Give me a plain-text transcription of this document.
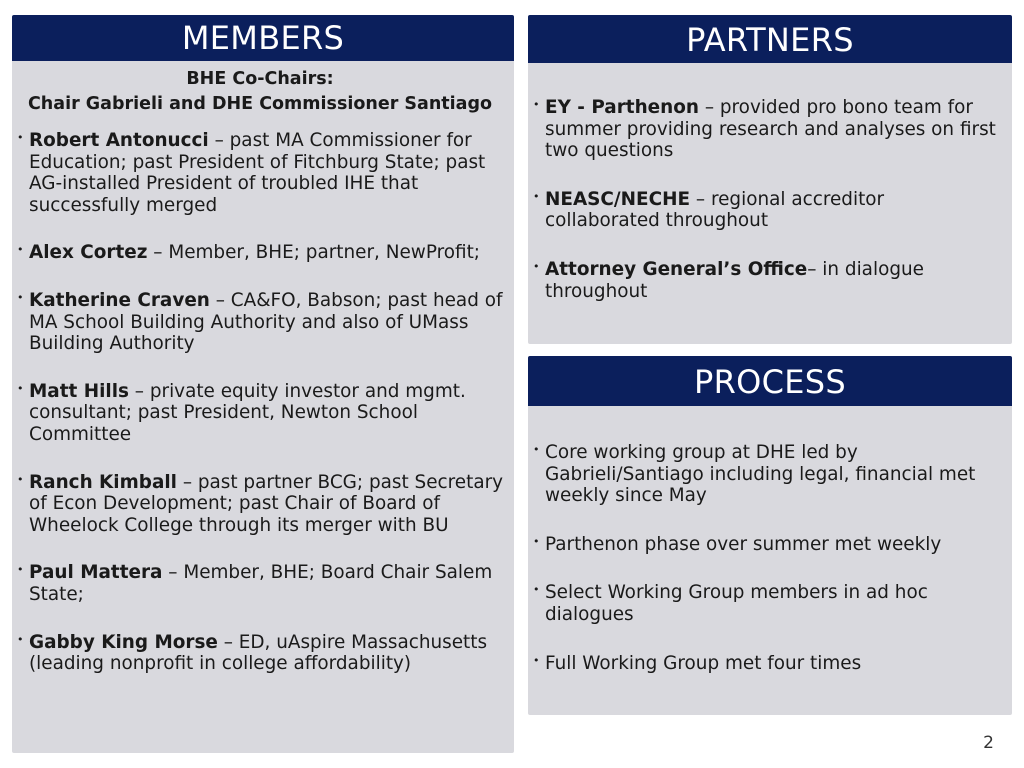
MEMBERS

BHE Co-Chairs:

Chair Gabrieli and DHE Commissioner Santiago

• Robert Antonucci – past MA Commissioner for Education; past President of Fitchburg State; past AG-installed President of troubled IHE that successfully merged

• Alex Cortez – Member, BHE; partner, NewProfit;

• Katherine Craven – CA&FO, Babson; past head of MA School Building Authority and also of UMass Building Authority

• Matt Hills – private equity investor and mgmt. consultant; past President, Newton School Committee

• Ranch Kimball – past partner BCG; past Secretary of Econ Development; past Chair of Board of Wheelock College through its merger with BU

• Paul Mattera – Member, BHE; Board Chair Salem State;

• Gabby King Morse – ED, uAspire Massachusetts (leading nonprofit in college affordability)

PARTNERS

• EY - Parthenon – provided pro bono team for summer providing research and analyses on first two questions

• NEASC/NECHE – regional accreditor collaborated throughout

• Attorney General’s Office– in dialogue throughout

PROCESS

• Core working group at DHE led by Gabrieli/Santiago including legal, financial met weekly since May

• Parthenon phase over summer met weekly

• Select Working Group members in ad hoc dialogues

• Full Working Group met four times

2
